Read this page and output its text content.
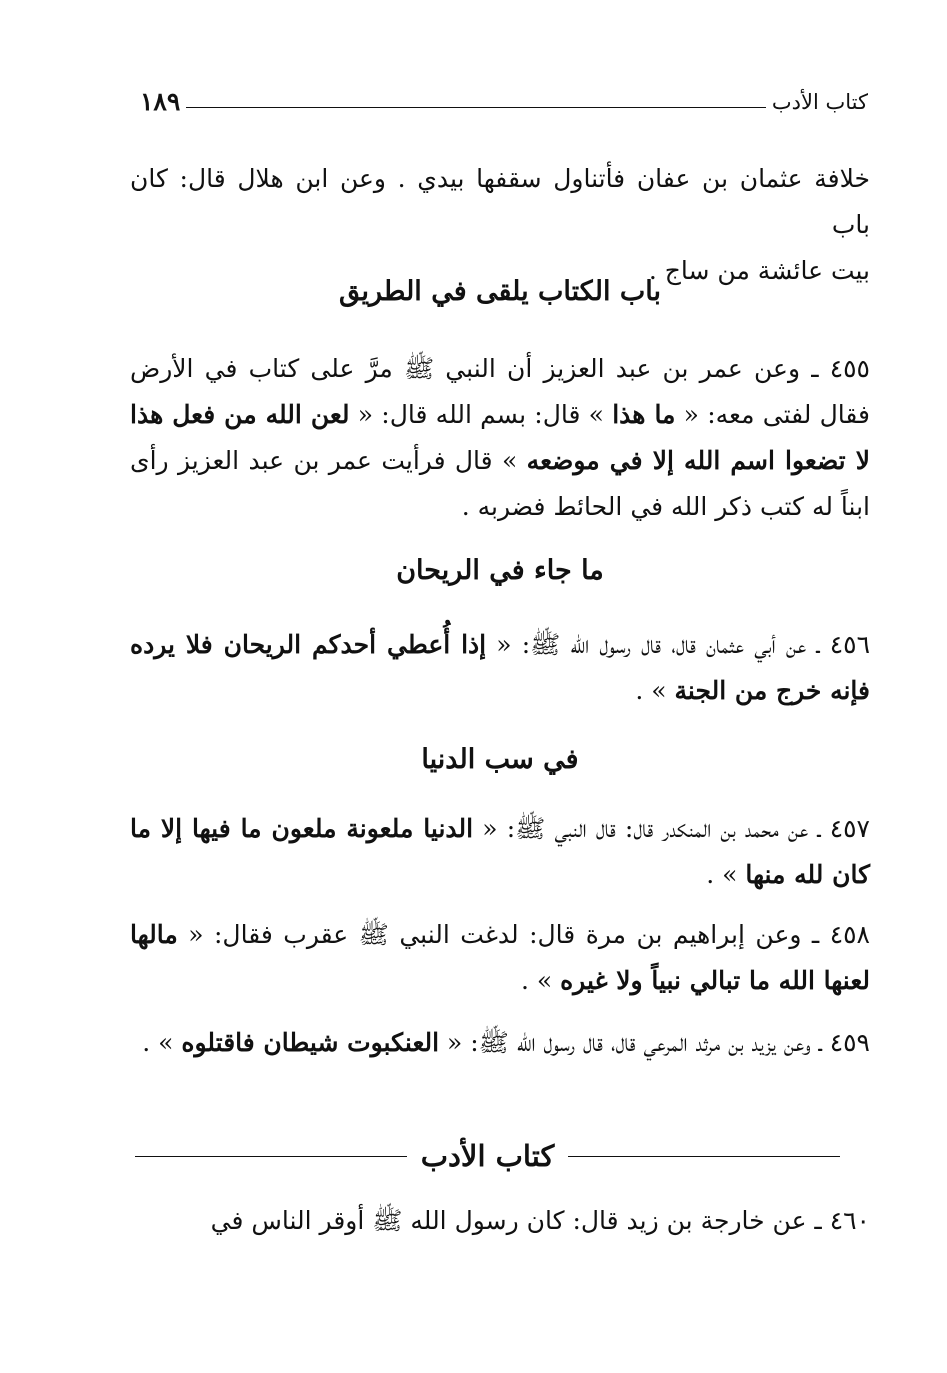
كتاب الأدب
١٨٩
خلافة عثمان بن عفان فأتناول سقفها بيدي . وعن ابن هلال قال: كان باب
بيت عائشة من ساج .
باب الكتاب يلقى في الطريق
٤٥٥ ـ وعن عمر بن عبد العزيز أن النبي ﷺ مرَّ على كتاب في الأرض فقال لفتى معه: « ما هذا » قال: بسم الله قال: « لعن الله من فعل هذا لا تضعوا اسم الله إلا في موضعه » قال فرأيت عمر بن عبد العزيز رأى ابناً له كتب ذكر الله في الحائط فضربه .
ما جاء في الريحان
٤٥٦ ـ عن أبي عثمان قال، قال رسول الله ﷺ: « إذا أُعطي أحدكم الريحان فلا يرده فإنه خرج من الجنة » .
في سب الدنيا
٤٥٧ ـ عن محمد بن المنكدر قال: قال النبي ﷺ: « الدنيا ملعونة ملعون ما فيها إلا ما كان لله منها » .
٤٥٨ ـ وعن إبراهيم بن مرة قال: لدغت النبي ﷺ عقرب فقال: « مالها لعنها الله ما تبالي نبياً ولا غيره » .
٤٥٩ ـ وعن يزيد بن مرثد المرعي قال، قال رسول الله ﷺ: « العنكبوت شيطان فاقتلوه » .
كتاب الأدب
٤٦٠ ـ عن خارجة بن زيد قال: كان رسول الله ﷺ أوقر الناس في
